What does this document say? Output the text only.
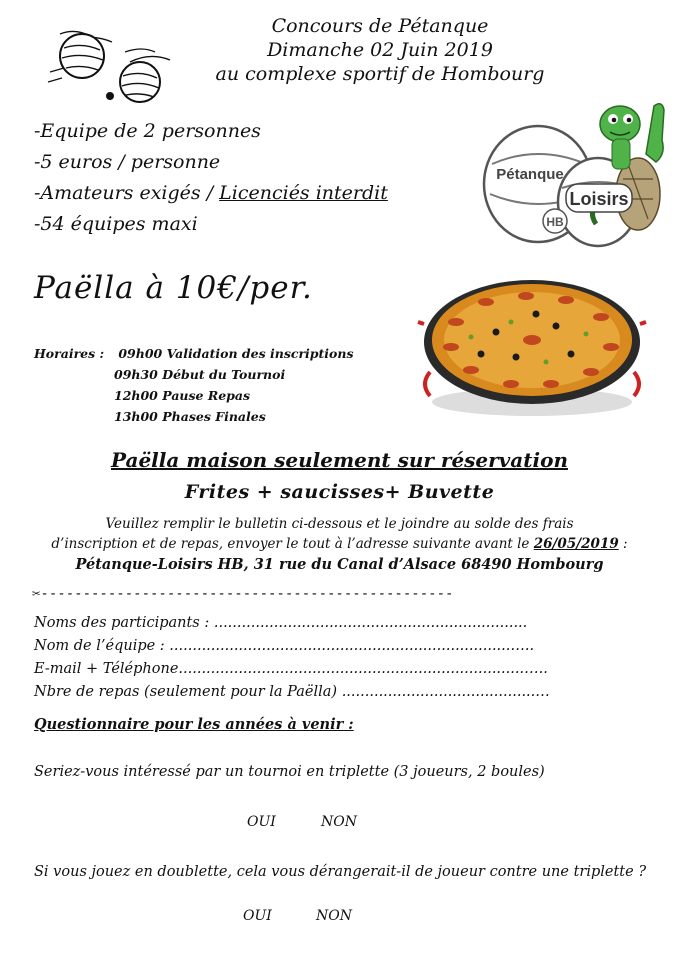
Concours de Pétanque
Dimanche 02 Juin 2019
au complexe sportif de Hombourg
-Equipe de 2 personnes
-5 euros / personne
-Amateurs exigés / Licenciés interdit
-54 équipes maxi
Pétanque
Loisirs
HB
Paëlla à 10€/per.
Horaires : 09h00 Validation des inscriptions
09h30 Début du Tournoi
12h00 Pause Repas
13h00 Phases Finales
Paëlla maison seulement sur réservation
Frites + saucisses+ Buvette
Veuillez remplir le bulletin ci-dessous et le joindre au solde des frais
d’inscription et de repas, envoyer le tout à l’adresse suivante avant le 26/05/2019 :
Pétanque-Loisirs HB, 31 rue du Canal d’Alsace 68490 Hombourg
✂-------------------------------------------------
Noms des participants : ....................................................................
Nom de l’équipe : ..........................................................................…..
E-mail + Téléphone...........................................................................…..
Nbre de repas (seulement pour la Paëlla) ..........................................…
Questionnaire pour les années à venir :
Seriez-vous intéressé par un tournoi en triplette (3 joueurs, 2 boules)
OUI	NON
Si vous jouez en doublette, cela vous dérangerait-il de joueur contre une triplette ?
OUI	NON
